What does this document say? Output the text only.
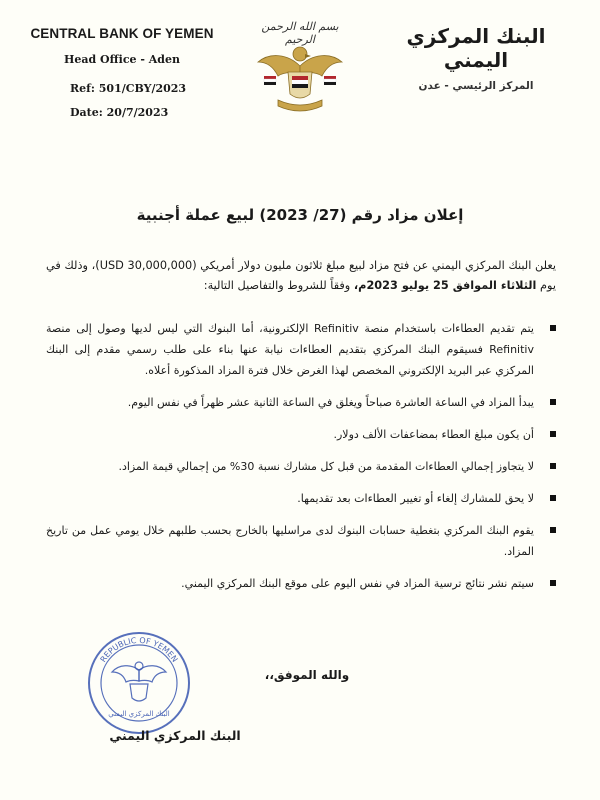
CENTRAL BANK OF YEMEN
Head Office - Aden
Ref: 501/CBY/2023
Date: 20/7/2023
بسم الله الرحمن الرحيم	البنك المركزي اليمني
المركز الرئيسي - عدن
إعلان مزاد رقم (27/ 2023) لبيع عملة أجنبية
يعلن البنك المركزي اليمني عن فتح مزاد لبيع مبلغ ثلاثون مليون دولار أمريكي (30,000,000 USD)، وذلك في يوم الثلاثاء الموافق 25 يوليو 2023م، وفقاً للشروط والتفاصيل التالية:
يتم تقديم العطاءات باستخدام منصة Refinitiv الإلكترونية، أما البنوك التي ليس لديها وصول إلى منصة Refinitiv فسيقوم البنك المركزي بتقديم العطاءات نيابة عنها بناء على طلب رسمي مقدم إلى البنك المركزي عبر البريد الإلكتروني المخصص لهذا الغرض خلال فترة المزاد المذكورة أعلاه.
يبدأ المزاد في الساعة العاشرة صباحاً ويغلق في الساعة الثانية عشر ظهراً في نفس اليوم.
أن يكون مبلغ العطاء بمضاعفات الألف دولار.
لا يتجاوز إجمالي العطاءات المقدمة من قبل كل مشارك نسبة 30% من إجمالي قيمة المزاد.
لا يحق للمشارك إلغاء أو تغيير العطاءات بعد تقديمها.
يقوم البنك المركزي بتغطية حسابات البنوك لدى مراسليها بالخارج بحسب طلبهم خلال يومي عمل من تاريخ المزاد.
سيتم نشر نتائج ترسية المزاد في نفس اليوم على موقع البنك المركزي اليمني.
والله الموفق،،
REPUBLIC OF YEMEN
البنك المركزي اليمني
البنك المركزي اليمني
